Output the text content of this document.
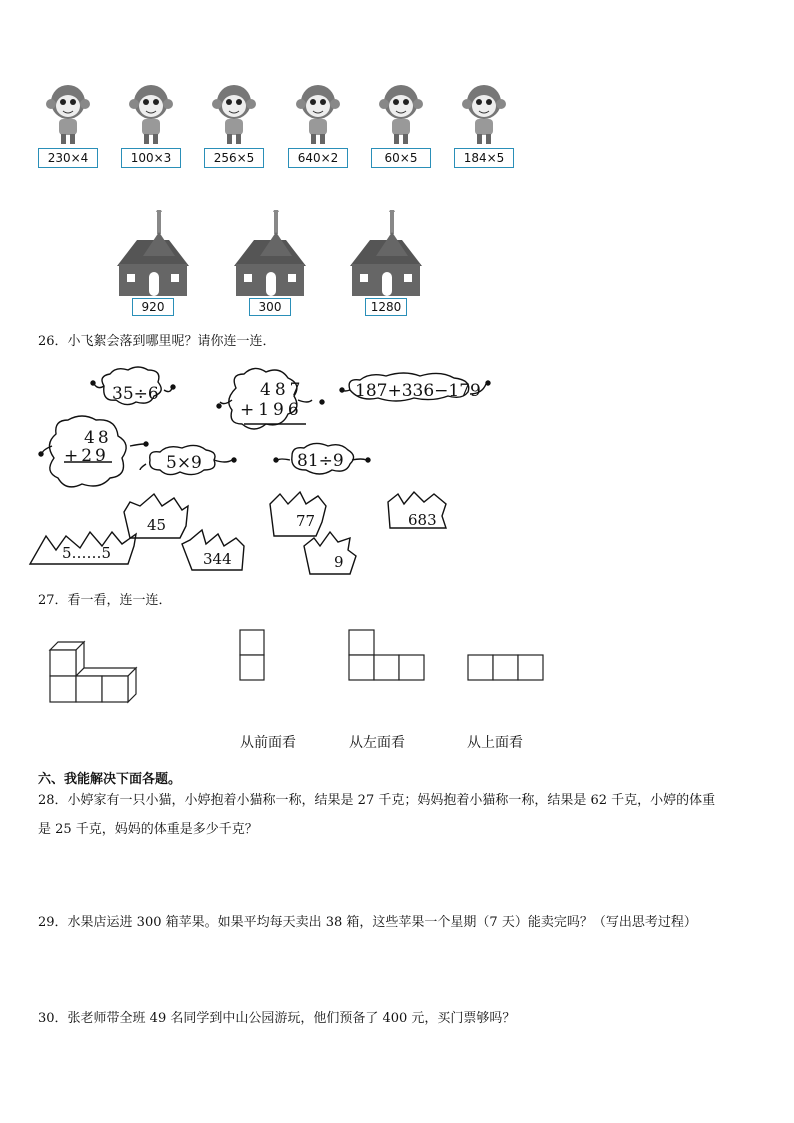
230×4	100×3	256×5	640×2	60×5	184×5
920	300	1280
26．小飞絮会落到哪里呢？请你连一连．
35÷6	487
+196
187+336−179
48
+29	5×9	81÷9
5……5
45
344
77
9
683
27．看一看，连一连．
从前面看	从左面看	从上面看
六、我能解决下面各题。
28．小婷家有一只小猫，小婷抱着小猫称一称，结果是 27 千克；妈妈抱着小猫称一称，结果是 62 千克，小婷的体重
是 25 千克，妈妈的体重是多少千克？
29．水果店运进 300 箱苹果。如果平均每天卖出 38 箱，这些苹果一个星期（7 天）能卖完吗？（写出思考过程）
30．张老师带全班 49 名同学到中山公园游玩，他们预备了 400 元，买门票够吗？
